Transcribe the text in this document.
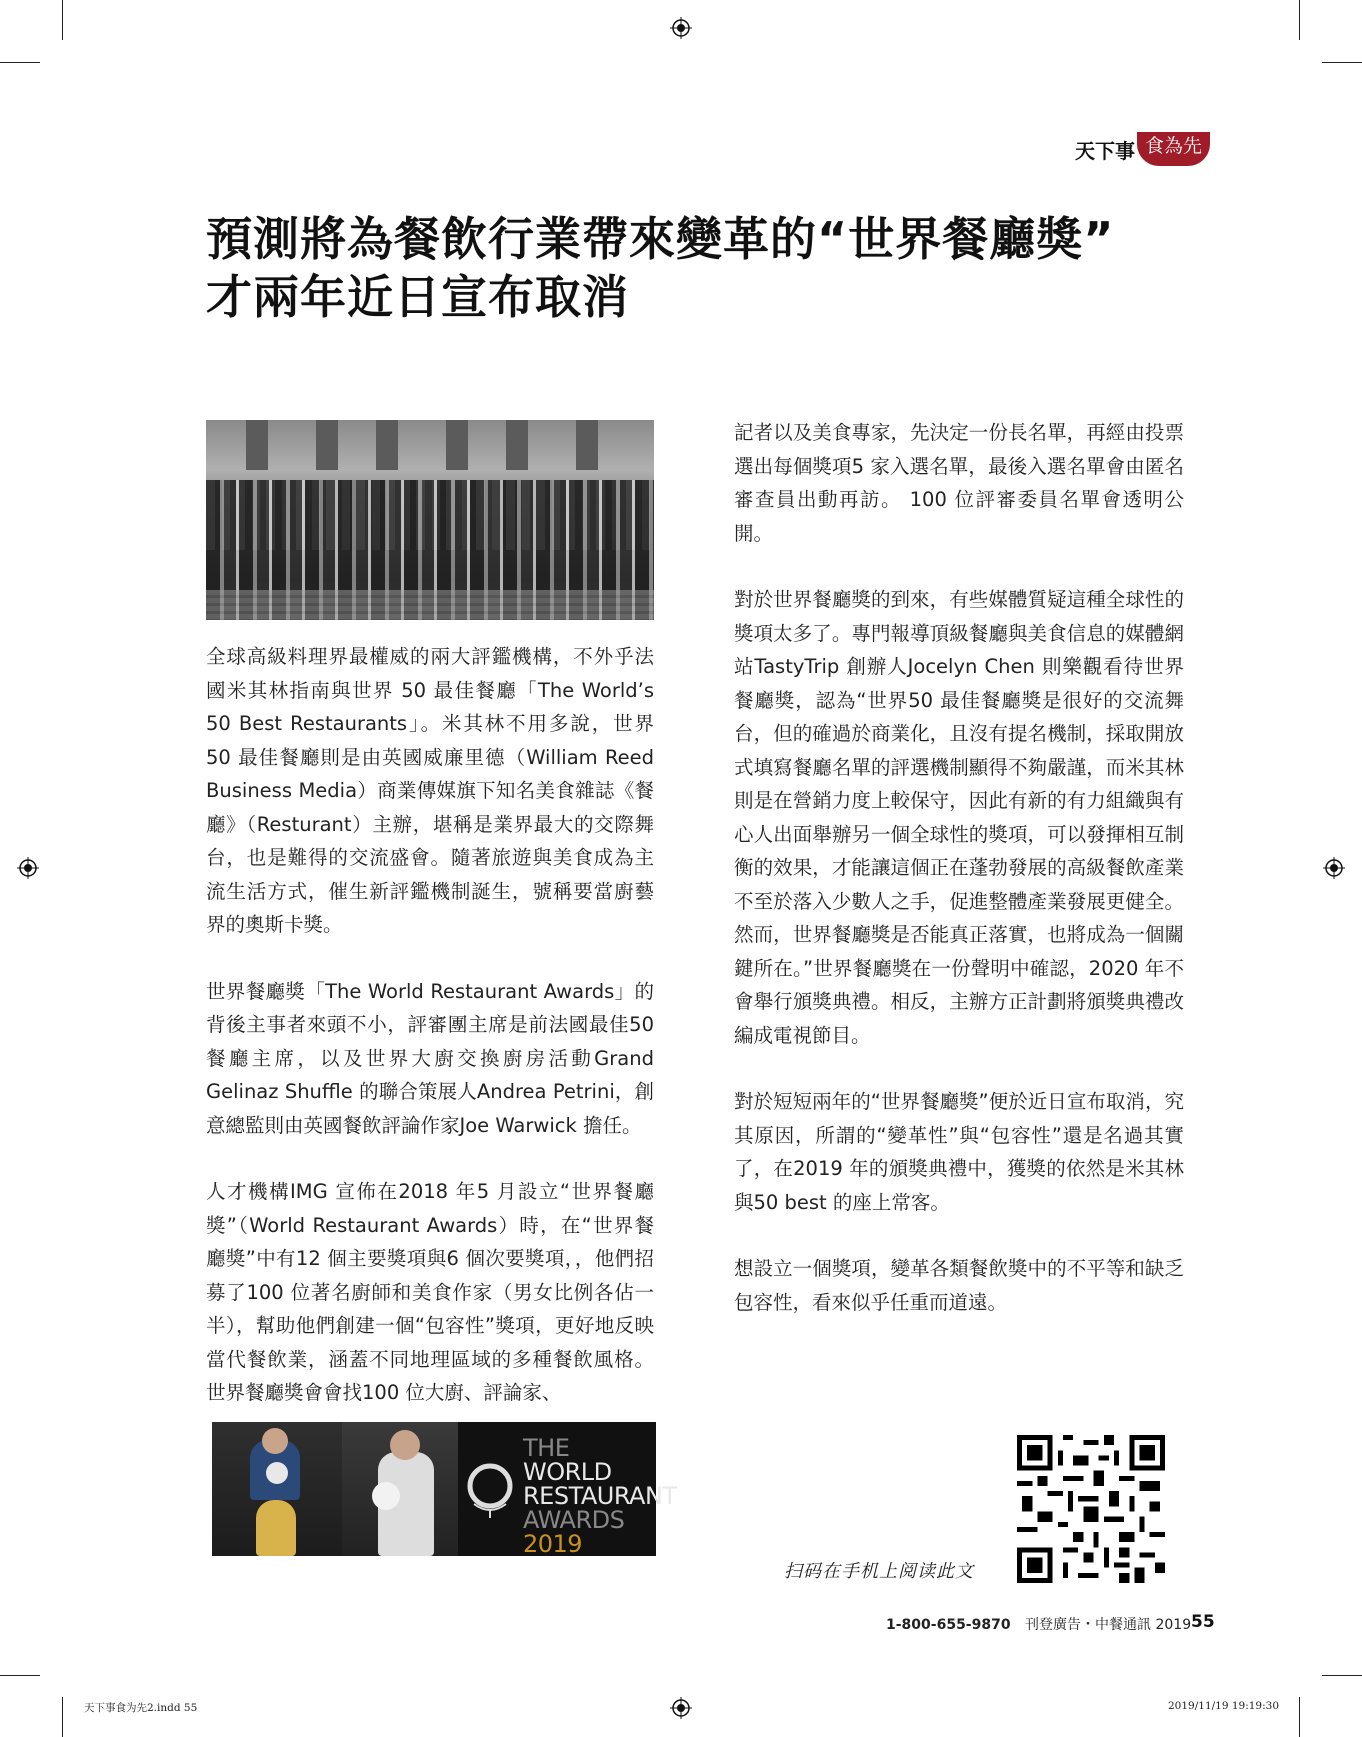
天下事 食為先
預測將為餐飲行業帶來變革的“世界餐廳獎”
才兩年近日宣布取消

全球高級料理界最權威的兩大評鑑機構，不外乎法國米其林指南與世界 50 最佳餐廳「The World’s 50 Best Restaurants」。米其林不用多說，世界 50 最佳餐廳則是由英國威廉里德（William Reed Business Media）商業傳媒旗下知名美食雜誌《餐廳》（Resturant）主辦，堪稱是業界最大的交際舞台，也是難得的交流盛會。隨著旅遊與美食成為主流生活方式，催生新評鑑機制誕生，號稱要當廚藝界的奧斯卡獎。

世界餐廳獎「The World Restaurant Awards」的背後主事者來頭不小，評審團主席是前法國最佳50餐廳主席，以及世界大廚交換廚房活動Grand Gelinaz Shuffle 的聯合策展人Andrea Petrini，創意總監則由英國餐飲評論作家Joe Warwick 擔任。

人才機構IMG 宣佈在2018 年5 月設立“世界餐廳獎”（World Restaurant Awards）時，在“世界餐廳獎”中有12 個主要獎項與6 個次要獎項，，他們招募了100 位著名廚師和美食作家（男女比例各佔一半），幫助他們創建一個“包容性”獎項，更好地反映當代餐飲業，涵蓋不同地理區域的多種餐飲風格。世界餐廳獎會會找100 位大廚、評論家、

記者以及美食專家，先決定一份長名單，再經由投票選出每個獎項5 家入選名單，最後入選名單會由匿名審查員出動再訪。 100 位評審委員名單會透明公開。

對於世界餐廳獎的到來，有些媒體質疑這種全球性的獎項太多了。專門報導頂級餐廳與美食信息的媒體網站TastyTrip 創辦人Jocelyn Chen 則樂觀看待世界餐廳獎，認為“世界50 最佳餐廳獎是很好的交流舞台，但的確過於商業化，且沒有提名機制，採取開放式填寫餐廳名單的評選機制顯得不夠嚴謹，而米其林則是在營銷力度上較保守，因此有新的有力組織與有心人出面舉辦另一個全球性的獎項，可以發揮相互制衡的效果，才能讓這個正在蓬勃發展的高級餐飲產業不至於落入少數人之手，促進整體產業發展更健全。然而，世界餐廳獎是否能真正落實，也將成為一個關鍵所在。”世界餐廳獎在一份聲明中確認，2020 年不會舉行頒獎典禮。相反，主辦方正計劃將頒獎典禮改編成電視節目。

對於短短兩年的“世界餐廳獎”便於近日宣布取消，究其原因，所謂的“變革性”與“包容性”還是名過其實了，在2019 年的頒獎典禮中，獲獎的依然是米其林與50 best 的座上常客。

想設立一個獎項，變革各類餐飲獎中的不平等和缺乏包容性，看來似乎任重而道遠。

THE
WORLD
RESTAURANT
AWARDS
2019
扫码在手机上阅读此文
1-800-655-9870 刊登廣告・中餐通訊 2019 55
天下事食为先2.indd 55	2019/11/19 19:19:30
